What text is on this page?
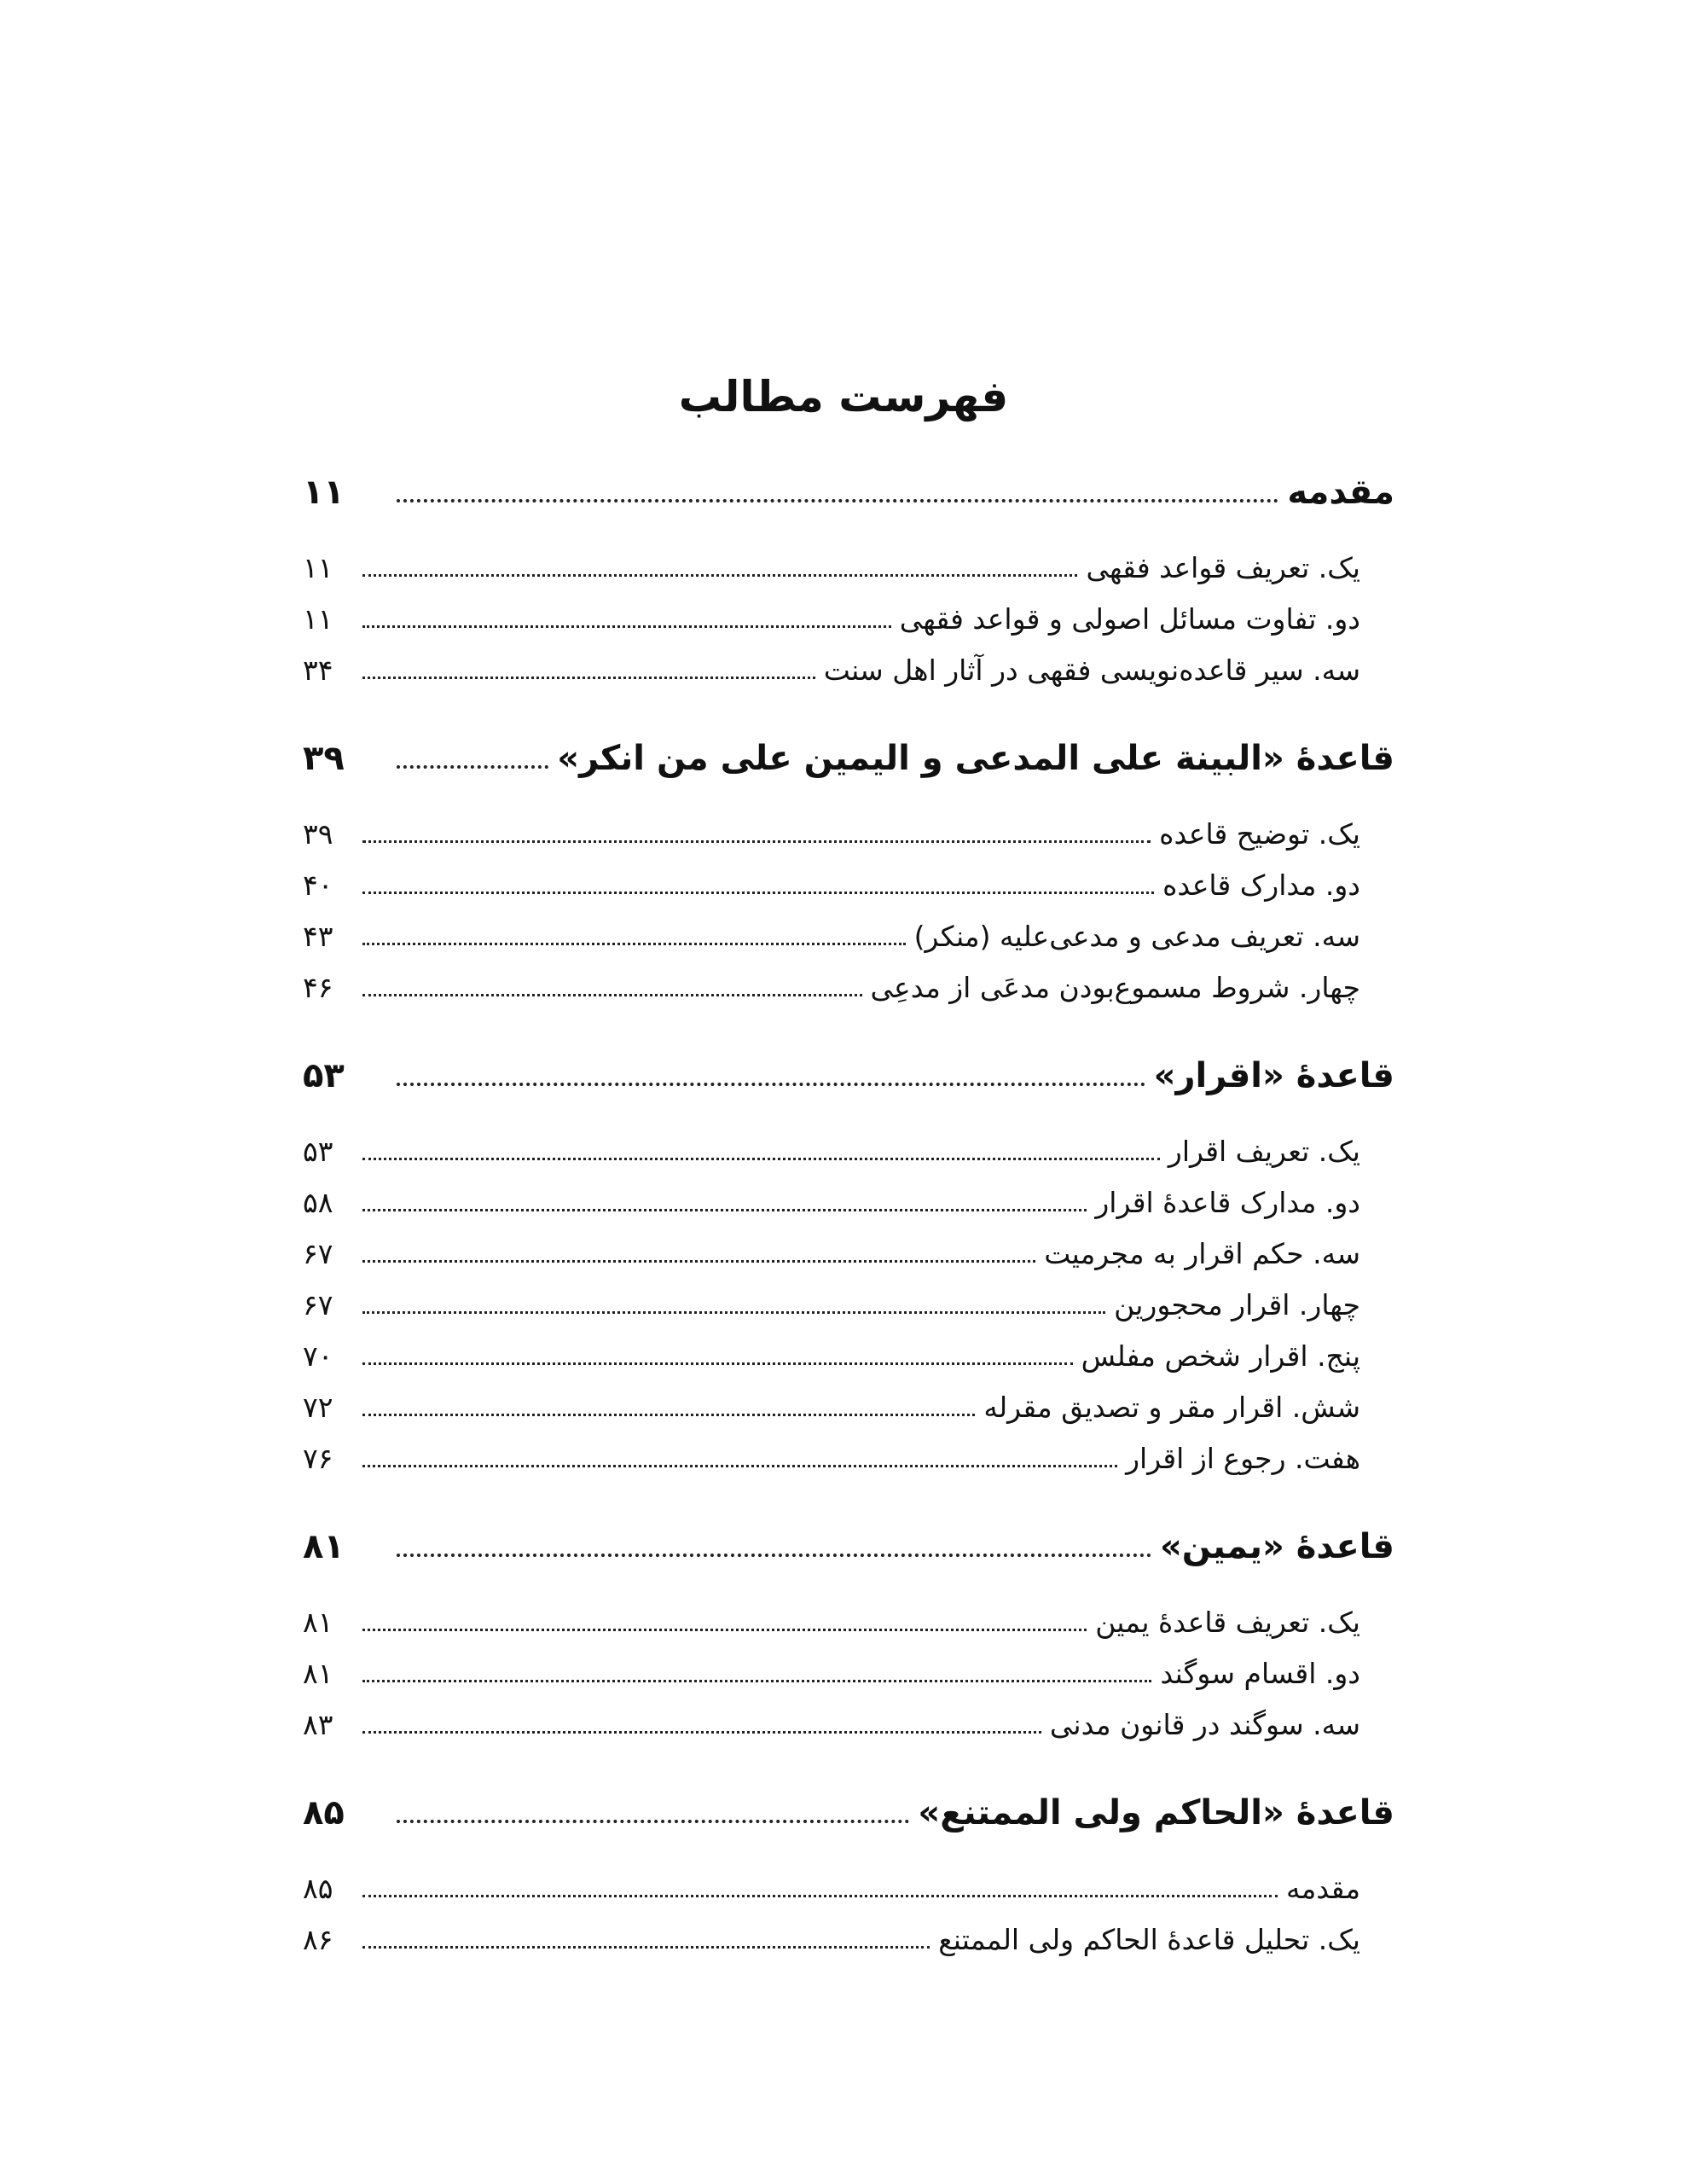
فهرست مطالب
مقدمه
۱۱
یک. تعریف قواعد فقهی
۱۱
دو. تفاوت مسائل اصولی و قواعد فقهی
۱۱
سه. سیر قاعده‌نویسی فقهی در آثار اهل سنت
۳۴
قاعدهٔ «البینة علی المدعی و الیمین علی من انکر»
۳۹
یک. توضیح قاعده
۳۹
دو. مدارک قاعده
۴۰
سه. تعریف مدعی و مدعی‌علیه (منکر)
۴۳
چهار. شروط مسموع‌بودن مدعَی از مدعِی
۴۶
قاعدهٔ «اقرار»
۵۳
یک. تعریف اقرار
۵۳
دو. مدارک قاعدهٔ اقرار
۵۸
سه. حکم اقرار به مجرمیت
۶۷
چهار. اقرار محجورین
۶۷
پنج. اقرار شخص مفلس
۷۰
شش. اقرار مقر و تصدیق مقرله
۷۲
هفت. رجوع از اقرار
۷۶
قاعدهٔ «یمین»
۸۱
یک. تعریف قاعدهٔ یمین
۸۱
دو. اقسام سوگند
۸۱
سه. سوگند در قانون مدنی
۸۳
قاعدهٔ «الحاکم ولی الممتنع»
۸۵
مقدمه
۸۵
یک. تحلیل قاعدهٔ الحاکم ولی الممتنع
۸۶
